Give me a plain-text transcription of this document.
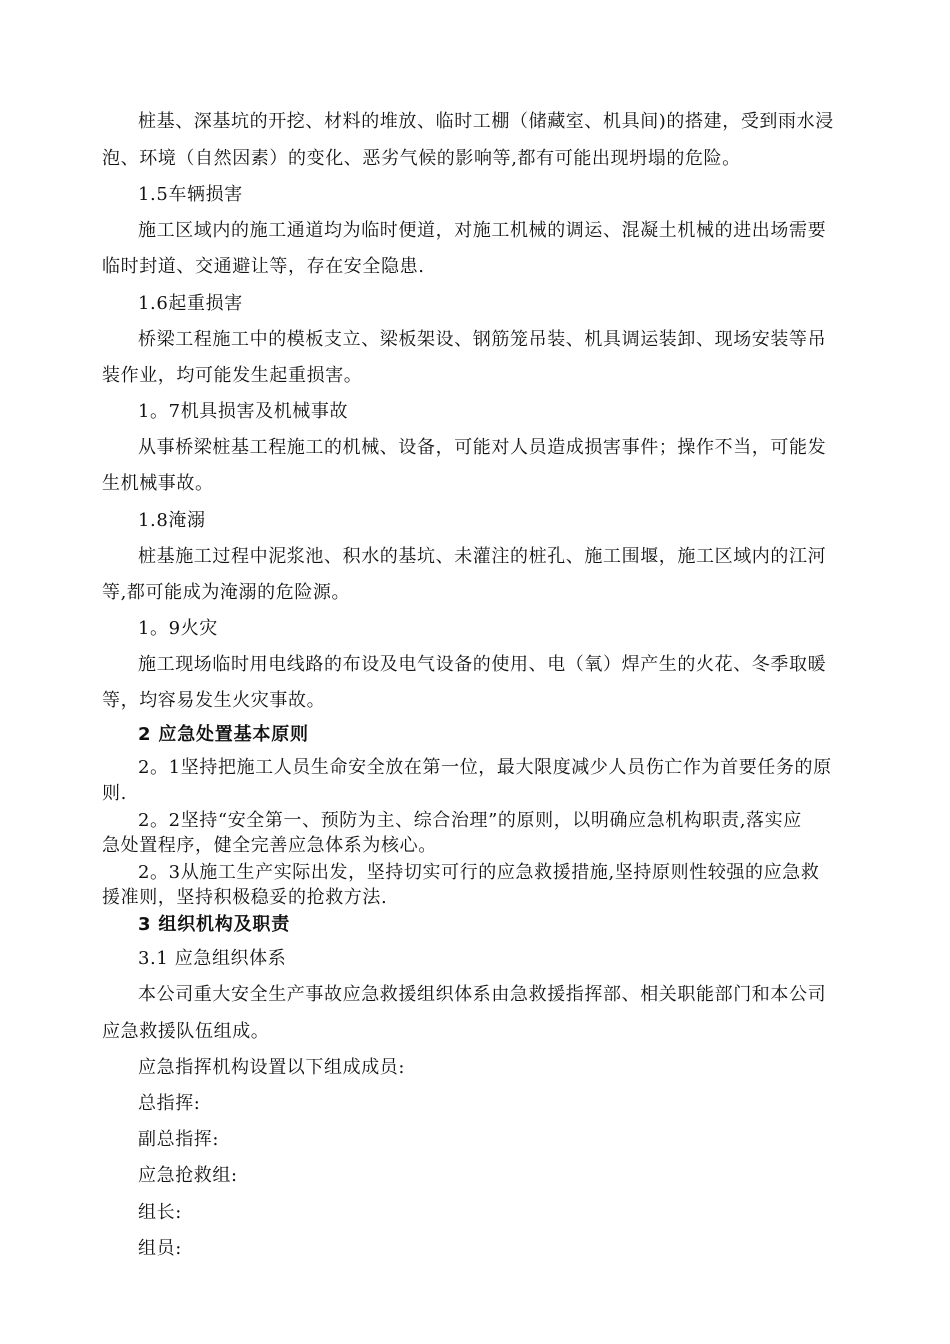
桩基、深基坑的开挖、材料的堆放、临时工棚（储藏室、机具间)的搭建，受到雨水浸
泡、环境（自然因素）的变化、恶劣气候的影响等,都有可能出现坍塌的危险。
1.5车辆损害
施工区域内的施工通道均为临时便道，对施工机械的调运、混凝土机械的进出场需要
临时封道、交通避让等，存在安全隐患.
1.6起重损害
桥梁工程施工中的模板支立、梁板架设、钢筋笼吊装、机具调运装卸、现场安装等吊
装作业，均可能发生起重损害。
1。7机具损害及机械事故
从事桥梁桩基工程施工的机械、设备，可能对人员造成损害事件；操作不当，可能发
生机械事故。
1.8淹溺
桩基施工过程中泥浆池、积水的基坑、未灌注的桩孔、施工围堰，施工区域内的江河
等,都可能成为淹溺的危险源。
1。9火灾
施工现场临时用电线路的布设及电气设备的使用、电（氧）焊产生的火花、冬季取暖
等，均容易发生火灾事故。
2 应急处置基本原则
2。1坚持把施工人员生命安全放在第一位，最大限度减少人员伤亡作为首要任务的原
则.
2。2坚持“安全第一、预防为主、综合治理”的原则，以明确应急机构职责,落实应
急处置程序，健全完善应急体系为核心。
2。3从施工生产实际出发，坚持切实可行的应急救援措施,坚持原则性较强的应急救
援准则，坚持积极稳妥的抢救方法.
3 组织机构及职责
3.1 应急组织体系
本公司重大安全生产事故应急救援组织体系由急救援指挥部、相关职能部门和本公司
应急救援队伍组成。
应急指挥机构设置以下组成成员:
总指挥:
副总指挥:
应急抢救组:
组长:
组员:
